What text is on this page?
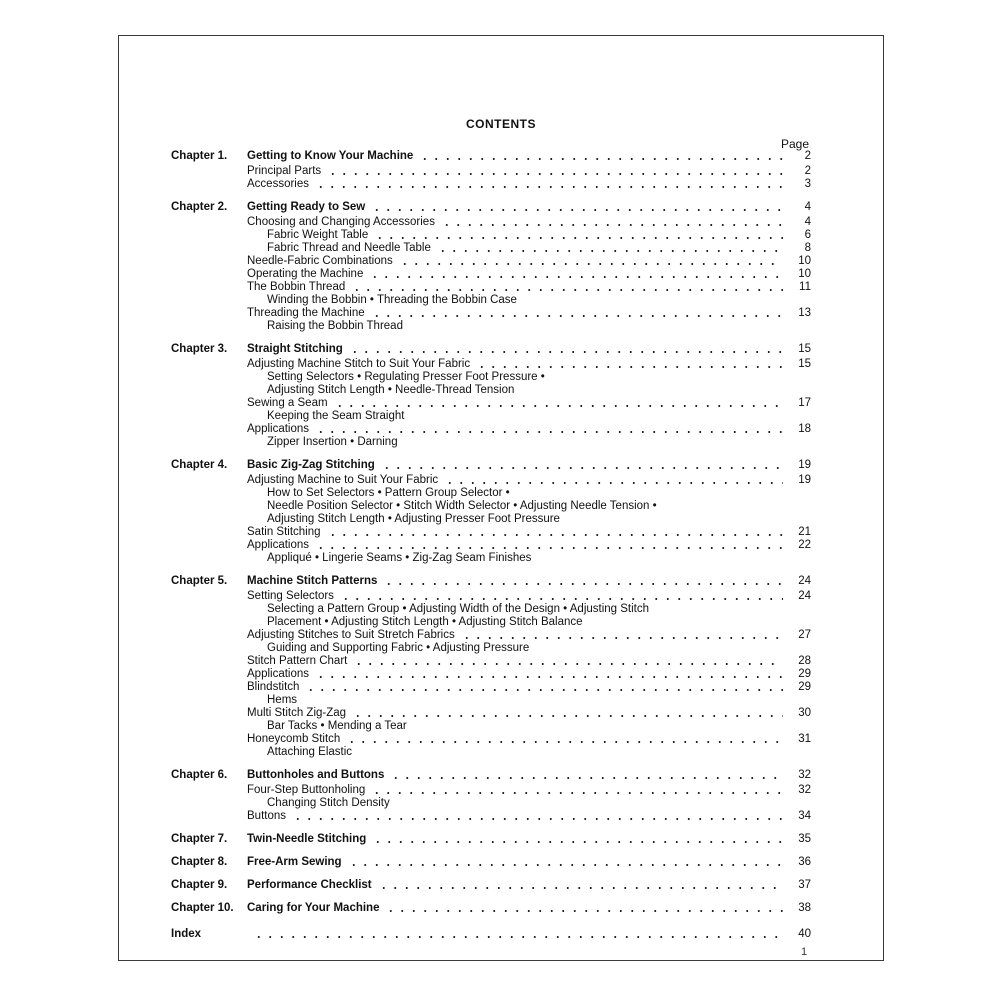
CONTENTS
Page
Chapter 1.	Getting to Know Your Machine	2
Principal Parts	2
Accessories	3
Chapter 2.	Getting Ready to Sew	4
Choosing and Changing Accessories	4
Fabric Weight Table	6
Fabric Thread and Needle Table	8
Needle-Fabric Combinations	10
Operating the Machine	10
The Bobbin Thread	11
Winding the Bobbin • Threading the Bobbin Case
Threading the Machine	13
Raising the Bobbin Thread
Chapter 3.	Straight Stitching	15
Adjusting Machine Stitch to Suit Your Fabric	15
Setting Selectors • Regulating Presser Foot Pressure •
Adjusting Stitch Length • Needle-Thread Tension
Sewing a Seam	17
Keeping the Seam Straight
Applications	18
Zipper Insertion • Darning
Chapter 4.	Basic Zig-Zag Stitching	19
Adjusting Machine to Suit Your Fabric	19
How to Set Selectors • Pattern Group Selector •
Needle Position Selector • Stitch Width Selector • Adjusting Needle Tension •
Adjusting Stitch Length • Adjusting Presser Foot Pressure
Satin Stitching	21
Applications	22
Appliqué • Lingerie Seams • Zig-Zag Seam Finishes
Chapter 5.	Machine Stitch Patterns	24
Setting Selectors	24
Selecting a Pattern Group • Adjusting Width of the Design • Adjusting Stitch
Placement • Adjusting Stitch Length • Adjusting Stitch Balance
Adjusting Stitches to Suit Stretch Fabrics	27
Guiding and Supporting Fabric • Adjusting Pressure
Stitch Pattern Chart	28
Applications	29
Blindstitch	29
Hems
Multi Stitch Zig-Zag	30
Bar Tacks • Mending a Tear
Honeycomb Stitch	31
Attaching Elastic
Chapter 6.	Buttonholes and Buttons	32
Four-Step Buttonholing	32
Changing Stitch Density
Buttons	34
Chapter 7.	Twin-Needle Stitching	35
Chapter 8.	Free-Arm Sewing	36
Chapter 9.	Performance Checklist	37
Chapter 10.	Caring for Your Machine	38
Index	40
1
